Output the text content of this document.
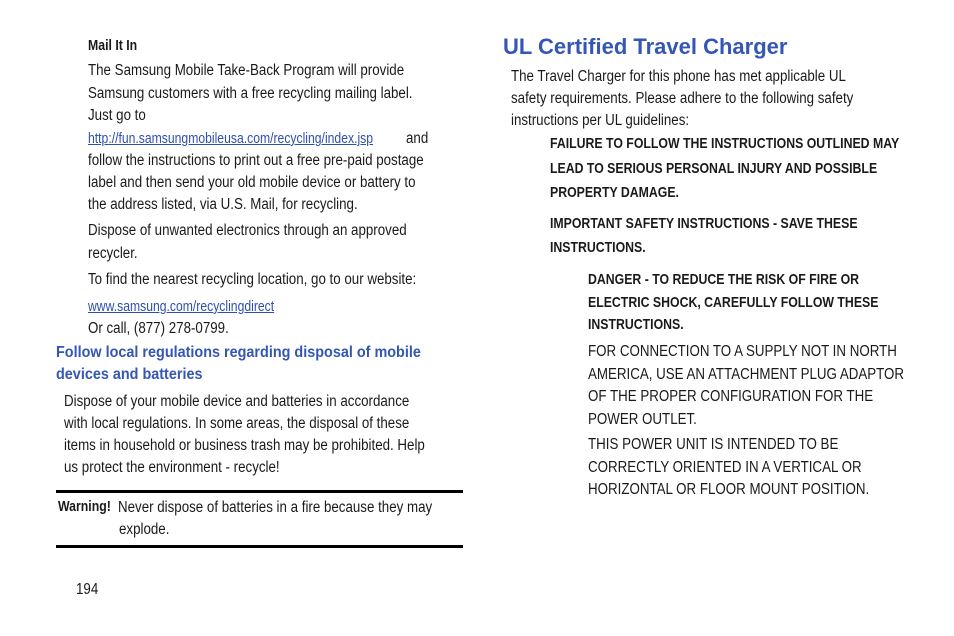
Mail It In
The Samsung Mobile Take-Back Program will provide
Samsung customers with a free recycling mailing label.
Just go to
http://fun.samsungmobileusa.com/recycling/index.jsp	and
follow the instructions to print out a free pre-paid postage
label and then send your old mobile device or battery to
the address listed, via U.S. Mail, for recycling.
Dispose of unwanted electronics through an approved
recycler.
To find the nearest recycling location, go to our website:
www.samsung.com/recyclingdirect
Or call, (877) 278-0799.
Follow local regulations regarding disposal of mobile
devices and batteries
Dispose of your mobile device and batteries in accordance
with local regulations. In some areas, the disposal of these
items in household or business trash may be prohibited. Help
us protect the environment - recycle!
Warning! Never dispose of batteries in a fire because they may
explode.
194
UL Certified Travel Charger
The Travel Charger for this phone has met applicable UL
safety requirements. Please adhere to the following safety
instructions per UL guidelines:
FAILURE TO FOLLOW THE INSTRUCTIONS OUTLINED MAY
LEAD TO SERIOUS PERSONAL INJURY AND POSSIBLE
PROPERTY DAMAGE.
IMPORTANT SAFETY INSTRUCTIONS - SAVE THESE
INSTRUCTIONS.
DANGER - TO REDUCE THE RISK OF FIRE OR
ELECTRIC SHOCK, CAREFULLY FOLLOW THESE
INSTRUCTIONS.
FOR CONNECTION TO A SUPPLY NOT IN NORTH
AMERICA, USE AN ATTACHMENT PLUG ADAPTOR
OF THE PROPER CONFIGURATION FOR THE
POWER OUTLET.
THIS POWER UNIT IS INTENDED TO BE
CORRECTLY ORIENTED IN A VERTICAL OR
HORIZONTAL OR FLOOR MOUNT POSITION.
